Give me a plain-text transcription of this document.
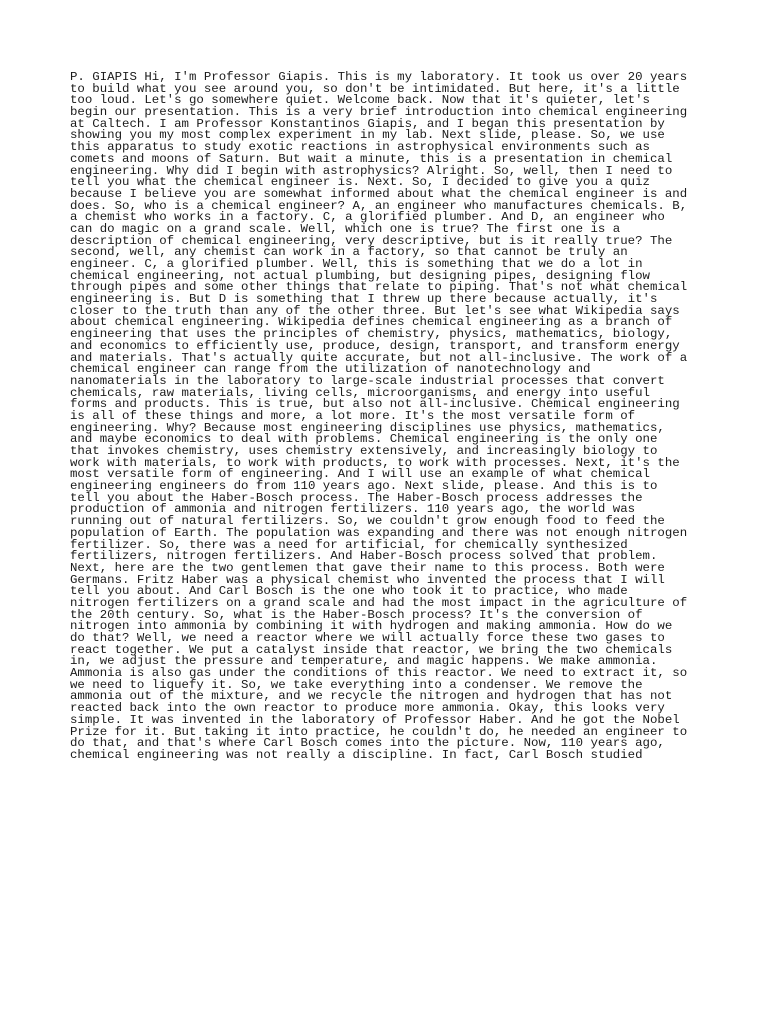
P. GIAPIS Hi, I'm Professor Giapis. This is my laboratory. It took us over 20 years
to build what you see around you, so don't be intimidated. But here, it's a little
too loud. Let's go somewhere quiet. Welcome back. Now that it's quieter, let's
begin our presentation. This is a very brief introduction into chemical engineering
at Caltech. I am Professor Konstantinos Giapis, and I began this presentation by
showing you my most complex experiment in my lab. Next slide, please. So, we use
this apparatus to study exotic reactions in astrophysical environments such as
comets and moons of Saturn. But wait a minute, this is a presentation in chemical
engineering. Why did I begin with astrophysics? Alright. So, well, then I need to
tell you what the chemical engineer is. Next. So, I decided to give you a quiz
because I believe you are somewhat informed about what the chemical engineer is and
does. So, who is a chemical engineer? A, an engineer who manufactures chemicals. B,
a chemist who works in a factory. C, a glorified plumber. And D, an engineer who
can do magic on a grand scale. Well, which one is true? The first one is a
description of chemical engineering, very descriptive, but is it really true? The
second, well, any chemist can work in a factory, so that cannot be truly an
engineer. C, a glorified plumber. Well, this is something that we do a lot in
chemical engineering, not actual plumbing, but designing pipes, designing flow
through pipes and some other things that relate to piping. That's not what chemical
engineering is. But D is something that I threw up there because actually, it's
closer to the truth than any of the other three. But let's see what Wikipedia says
about chemical engineering. Wikipedia defines chemical engineering as a branch of
engineering that uses the principles of chemistry, physics, mathematics, biology,
and economics to efficiently use, produce, design, transport, and transform energy
and materials. That's actually quite accurate, but not all-inclusive. The work of a
chemical engineer can range from the utilization of nanotechnology and
nanomaterials in the laboratory to large-scale industrial processes that convert
chemicals, raw materials, living cells, microorganisms, and energy into useful
forms and products. This is true, but also not all-inclusive. Chemical engineering
is all of these things and more, a lot more. It's the most versatile form of
engineering. Why? Because most engineering disciplines use physics, mathematics,
and maybe economics to deal with problems. Chemical engineering is the only one
that invokes chemistry, uses chemistry extensively, and increasingly biology to
work with materials, to work with products, to work with processes. Next, it's the
most versatile form of engineering. And I will use an example of what chemical
engineering engineers do from 110 years ago. Next slide, please. And this is to
tell you about the Haber-Bosch process. The Haber-Bosch process addresses the
production of ammonia and nitrogen fertilizers. 110 years ago, the world was
running out of natural fertilizers. So, we couldn't grow enough food to feed the
population of Earth. The population was expanding and there was not enough nitrogen
fertilizer. So, there was a need for artificial, for chemically synthesized
fertilizers, nitrogen fertilizers. And Haber-Bosch process solved that problem.
Next, here are the two gentlemen that gave their name to this process. Both were
Germans. Fritz Haber was a physical chemist who invented the process that I will
tell you about. And Carl Bosch is the one who took it to practice, who made
nitrogen fertilizers on a grand scale and had the most impact in the agriculture of
the 20th century. So, what is the Haber-Bosch process? It's the conversion of
nitrogen into ammonia by combining it with hydrogen and making ammonia. How do we
do that? Well, we need a reactor where we will actually force these two gases to
react together. We put a catalyst inside that reactor, we bring the two chemicals
in, we adjust the pressure and temperature, and magic happens. We make ammonia.
Ammonia is also gas under the conditions of this reactor. We need to extract it, so
we need to liquefy it. So, we take everything into a condenser. We remove the
ammonia out of the mixture, and we recycle the nitrogen and hydrogen that has not
reacted back into the own reactor to produce more ammonia. Okay, this looks very
simple. It was invented in the laboratory of Professor Haber. And he got the Nobel
Prize for it. But taking it into practice, he couldn't do, he needed an engineer to
do that, and that's where Carl Bosch comes into the picture. Now, 110 years ago,
chemical engineering was not really a discipline. In fact, Carl Bosch studied
